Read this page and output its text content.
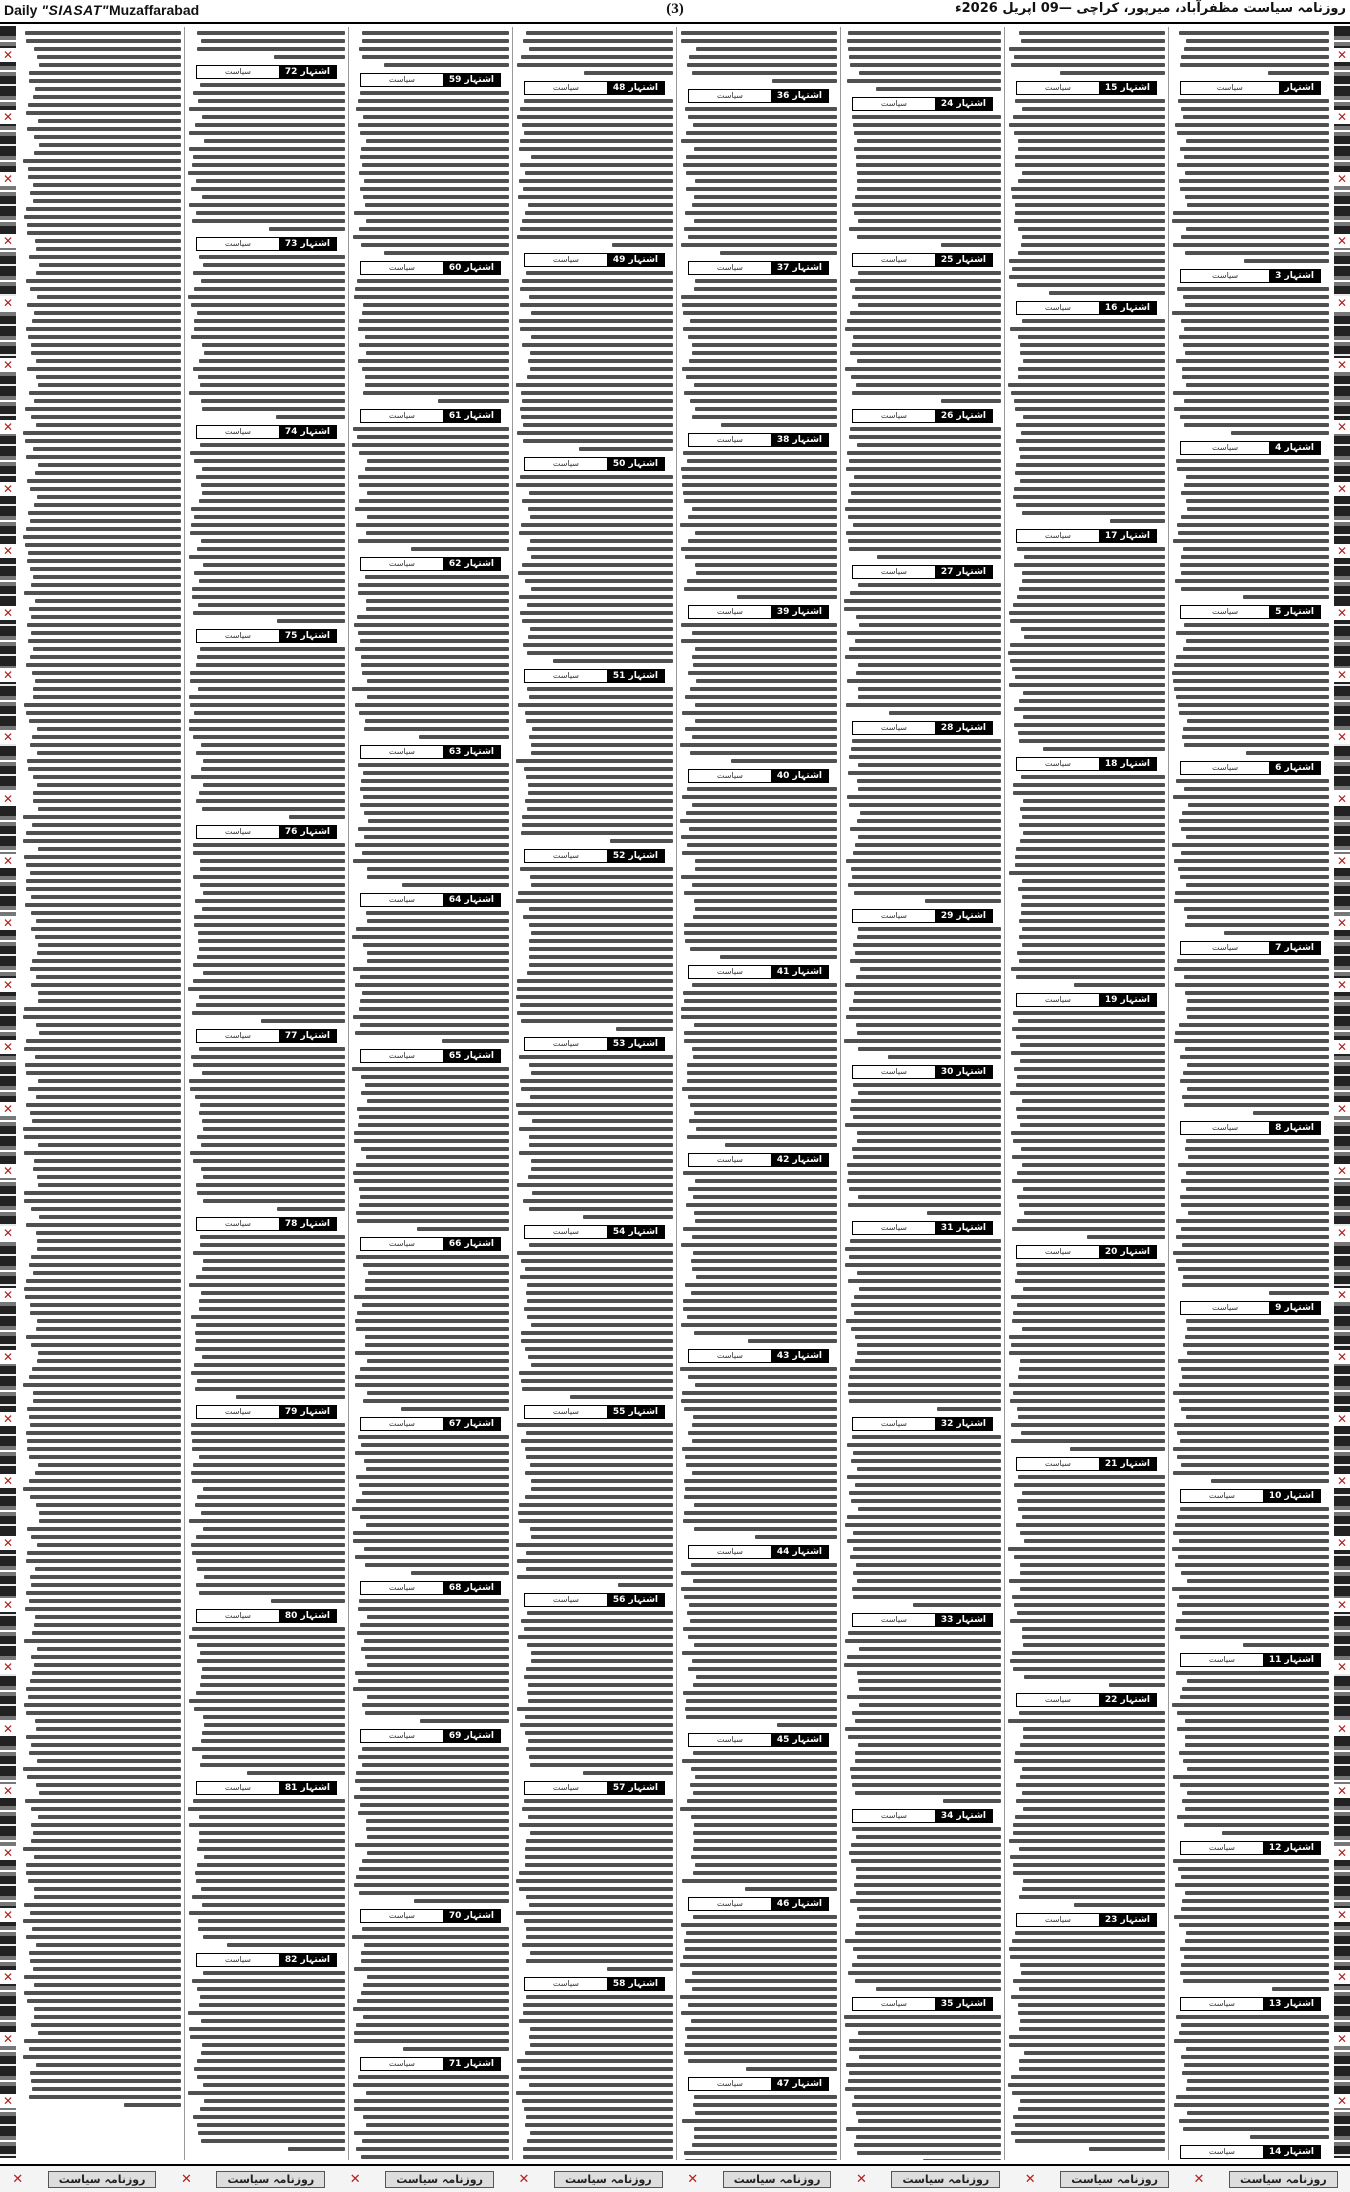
Daily "SIASAT"Muzaffarabad	(3)	روزنامہ سیاست مظفرآباد، میرپور، کراچی —09 اپریل 2026ء
✕
✕
✕
✕
✕
✕
✕
✕
✕
✕
✕
✕
✕
✕
✕
✕
✕
✕
✕
✕
✕
✕
✕
✕
✕
✕
✕
✕
✕
✕
✕
✕
✕
✕
✕
✕
✕
✕
✕
✕
✕
✕
✕
✕
✕
✕
✕
✕
✕
✕
✕
✕
✕
✕
✕
✕
✕
✕
✕
✕
✕
✕
✕
✕
✕
✕
✕
✕
اشتہار
سیاست
اشتہار 3
سیاست
اشتہار 4
سیاست
اشتہار 5
سیاست
اشتہار 6
سیاست
اشتہار 7
سیاست
اشتہار 8
سیاست
اشتہار 9
سیاست
اشتہار 10
سیاست
اشتہار 11
سیاست
اشتہار 12
سیاست
اشتہار 13
سیاست
اشتہار 14
سیاست
اشتہار 15
سیاست
اشتہار 16
سیاست
اشتہار 17
سیاست
اشتہار 18
سیاست
اشتہار 19
سیاست
اشتہار 20
سیاست
اشتہار 21
سیاست
اشتہار 22
سیاست
اشتہار 23
سیاست
اشتہار 24
سیاست
اشتہار 25
سیاست
اشتہار 26
سیاست
اشتہار 27
سیاست
اشتہار 28
سیاست
اشتہار 29
سیاست
اشتہار 30
سیاست
اشتہار 31
سیاست
اشتہار 32
سیاست
اشتہار 33
سیاست
اشتہار 34
سیاست
اشتہار 35
سیاست
اشتہار 36
سیاست
اشتہار 37
سیاست
اشتہار 38
سیاست
اشتہار 39
سیاست
اشتہار 40
سیاست
اشتہار 41
سیاست
اشتہار 42
سیاست
اشتہار 43
سیاست
اشتہار 44
سیاست
اشتہار 45
سیاست
اشتہار 46
سیاست
اشتہار 47
سیاست
اشتہار 48
سیاست
اشتہار 49
سیاست
اشتہار 50
سیاست
اشتہار 51
سیاست
اشتہار 52
سیاست
اشتہار 53
سیاست
اشتہار 54
سیاست
اشتہار 55
سیاست
اشتہار 56
سیاست
اشتہار 57
سیاست
اشتہار 58
سیاست
اشتہار 59
سیاست
اشتہار 60
سیاست
اشتہار 61
سیاست
اشتہار 62
سیاست
اشتہار 63
سیاست
اشتہار 64
سیاست
اشتہار 65
سیاست
اشتہار 66
سیاست
اشتہار 67
سیاست
اشتہار 68
سیاست
اشتہار 69
سیاست
اشتہار 70
سیاست
اشتہار 71
سیاست
اشتہار 72
سیاست
اشتہار 73
سیاست
اشتہار 74
سیاست
اشتہار 75
سیاست
اشتہار 76
سیاست
اشتہار 77
سیاست
اشتہار 78
سیاست
اشتہار 79
سیاست
اشتہار 80
سیاست
اشتہار 81
سیاست
اشتہار 82
سیاست
✕	روزنامہ سیاست	✕	روزنامہ سیاست	✕	روزنامہ سیاست	✕	روزنامہ سیاست	✕	روزنامہ سیاست	✕	روزنامہ سیاست	✕	روزنامہ سیاست	✕	روزنامہ سیاست
